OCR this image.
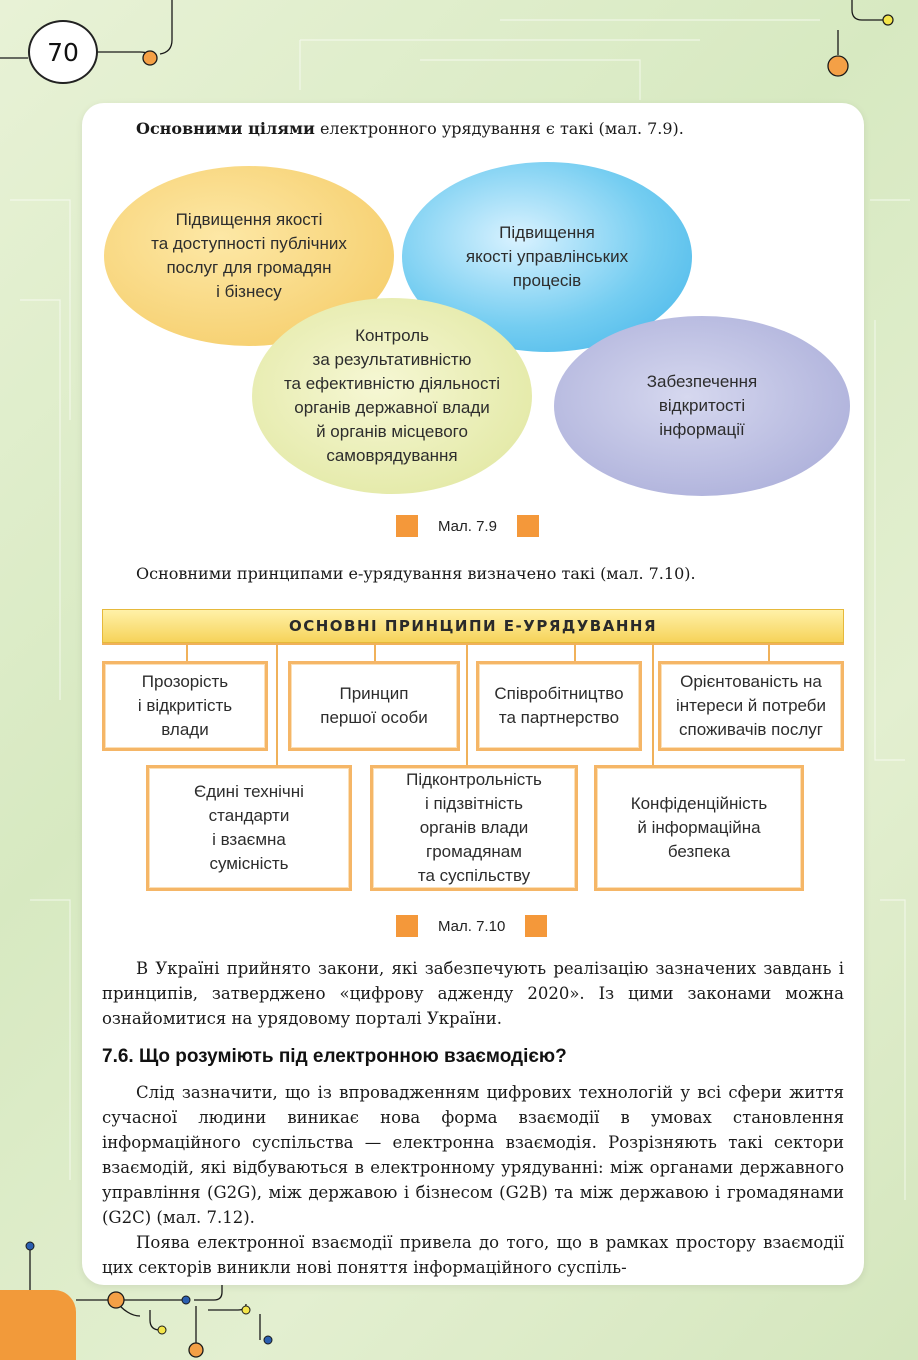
70
Основними цілями електронного урядування є такі (мал. 7.9).
Підвищення якості
та доступності публічних
послуг для громадян
і бізнесу
Підвищення
якості управлінських
процесів
Забезпечення
відкритості
інформації
Контроль
за результативністю
та ефективністю діяльності
органів державної влади
й органів місцевого
самоврядування
Мал. 7.9
Основними принципами е-урядування визначено такі (мал. 7.10).
ОСНОВНІ ПРИНЦИПИ Е-УРЯДУВАННЯ
Прозорість
і відкритість
влади
Принцип
першої особи
Співробітництво
та партнерство
Орієнтованість на
інтереси й потреби
споживачів послуг
Єдині технічні
стандарти
і взаємна
сумісність
Підконтрольність
і підзвітність
органів влади
громадянам
та суспільству
Конфіденційність
й інформаційна
безпека
Мал. 7.10

В Україні прийнято закони, які забезпечують реалізацію зазначених завдань і принципів, затверджено «цифрову адженду 2020». Із цими законами можна ознайомитися на урядовому порталі України.

7.6. Що розуміють під електронною взаємодією?

Слід зазначити, що із впровадженням цифрових технологій у всі сфери життя сучасної людини виникає нова форма взаємодії в умовах становлення інформаційного суспільства — електронна взаємодія. Розрізняють такі сектори взаємодій, які відбуваються в електронному урядуванні: між органами державного управління (G2G), між державою і бізнесом (G2B) та між державою і громадянами (G2C) (мал. 7.12).

Поява електронної взаємодії привела до того, що в рамках простору взаємодії цих секторів виникли нові поняття інформаційного суспіль-
